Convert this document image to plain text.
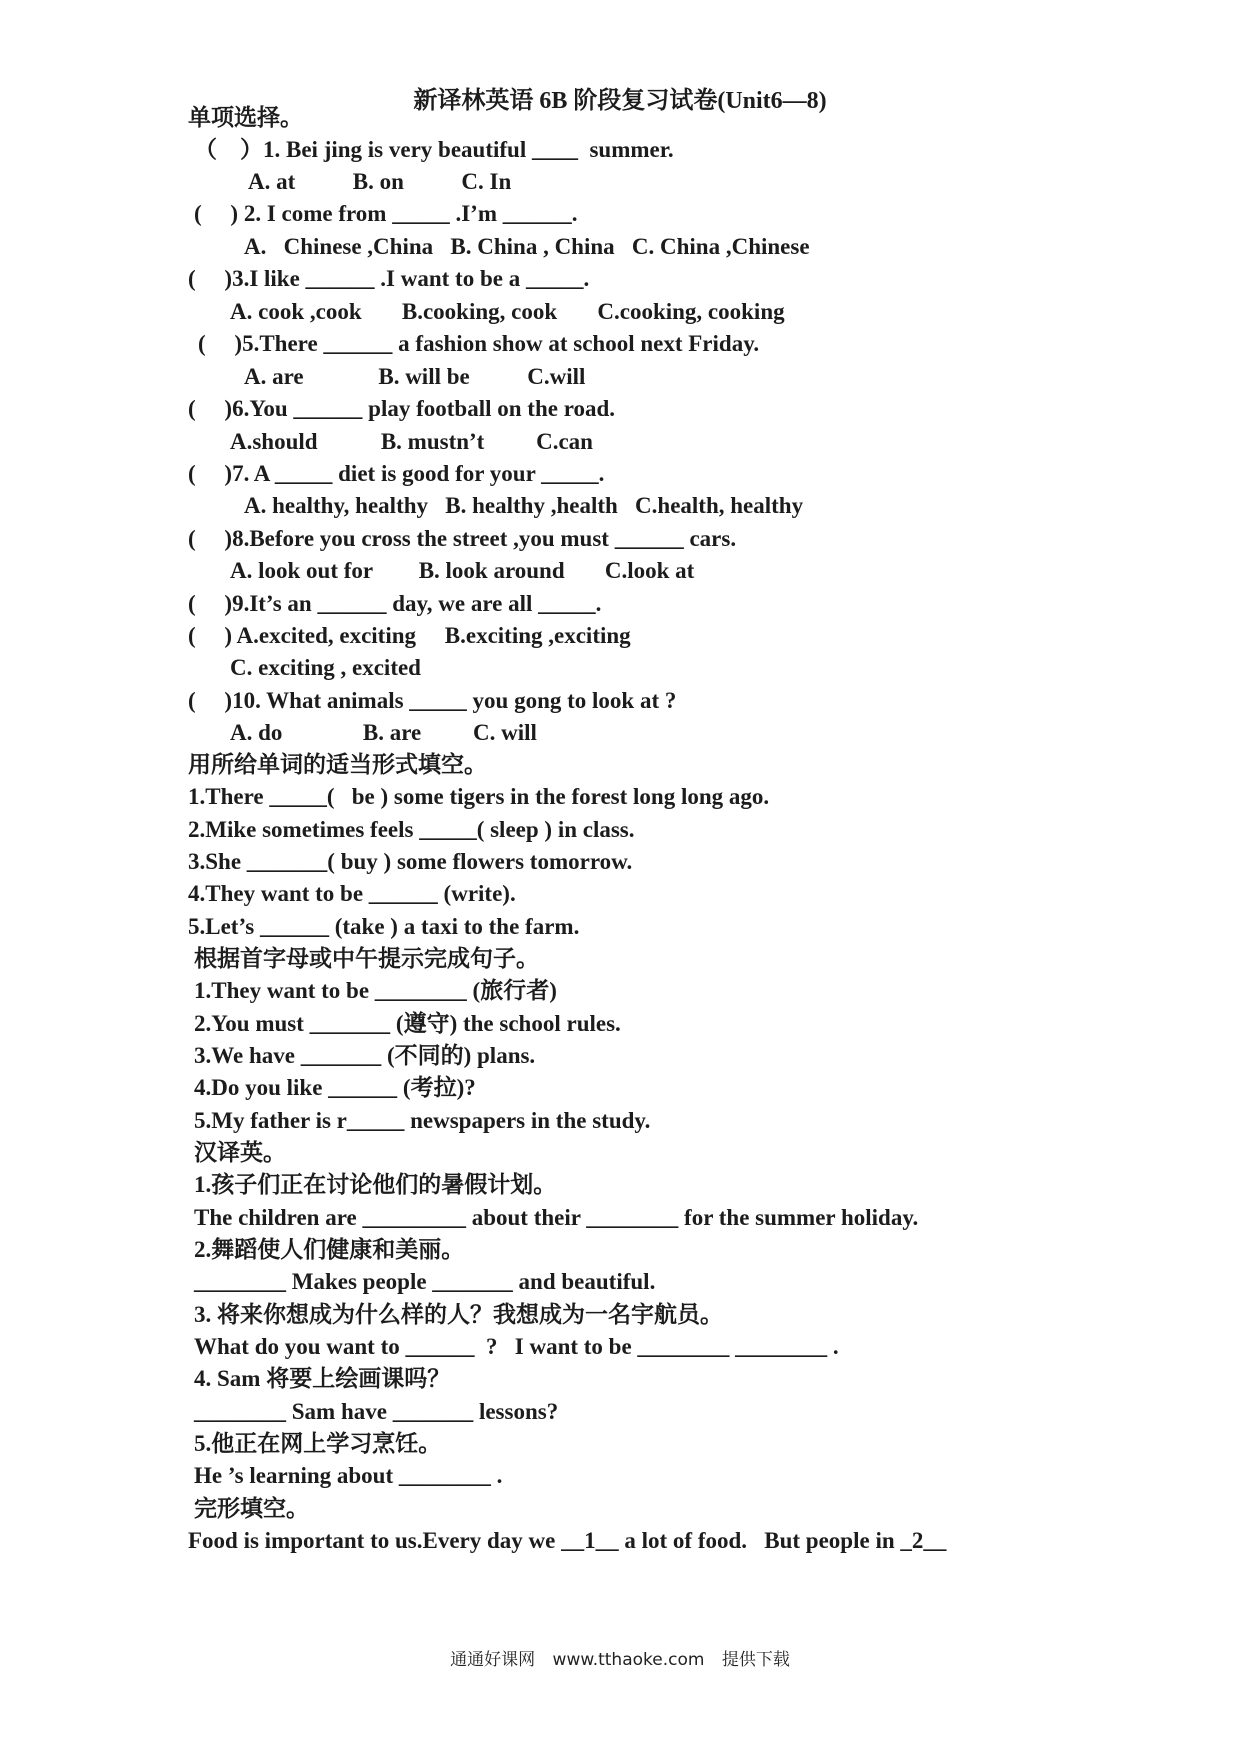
新译林英语 6B 阶段复习试卷(Unit6—8)
单项选择。
（　）1. Bei jing is very beautiful ____  summer.
A. at          B. on          C. In
(     ) 2. I come from _____ .I’m ______.
A.   Chinese ,China   B. China , China   C. China ,Chinese
(     )3.I like ______ .I want to be a _____.
A. cook ,cook       B.cooking, cook       C.cooking, cooking
(     )5.There ______ a fashion show at school next Friday.
A. are             B. will be          C.will
(     )6.You ______ play football on the road.
A.should           B. mustn’t         C.can
(     )7. A _____ diet is good for your _____.
A. healthy, healthy   B. healthy ,health   C.health, healthy
(     )8.Before you cross the street ,you must ______ cars.
A. look out for        B. look around       C.look at
(     )9.It’s an ______ day, we are all _____.
(     ) A.excited, exciting     B.exciting ,exciting
C. exciting , excited
(     )10. What animals _____ you gong to look at ?
A. do              B. are         C. will
用所给单词的适当形式填空。
1.There _____(   be ) some tigers in the forest long long ago.
2.Mike sometimes feels _____( sleep ) in class.
3.She _______( buy ) some flowers tomorrow.
4.They want to be ______ (write).
5.Let’s ______ (take ) a taxi to the farm.
根据首字母或中午提示完成句子。
1.They want to be ________ (旅行者)
2.You must _______ (遵守) the school rules.
3.We have _______ (不同的) plans.
4.Do you like ______ (考拉)?
5.My father is r_____ newspapers in the study.
汉译英。
1.孩子们正在讨论他们的暑假计划。
The children are _________ about their ________ for the summer holiday.
2.舞蹈使人们健康和美丽。
________ Makes people _______ and beautiful.
3. 将来你想成为什么样的人？我想成为一名宇航员。
What do you want to ______  ?   I want to be ________ ________ .
4. Sam 将要上绘画课吗？
________ Sam have _______ lessons?
5.他正在网上学习烹饪。
He ’s learning about ________ .
完形填空。
Food is important to us.Every day we __1__ a lot of food.   But people in _2__
通通好课网 www.tthaoke.com 提供下载
